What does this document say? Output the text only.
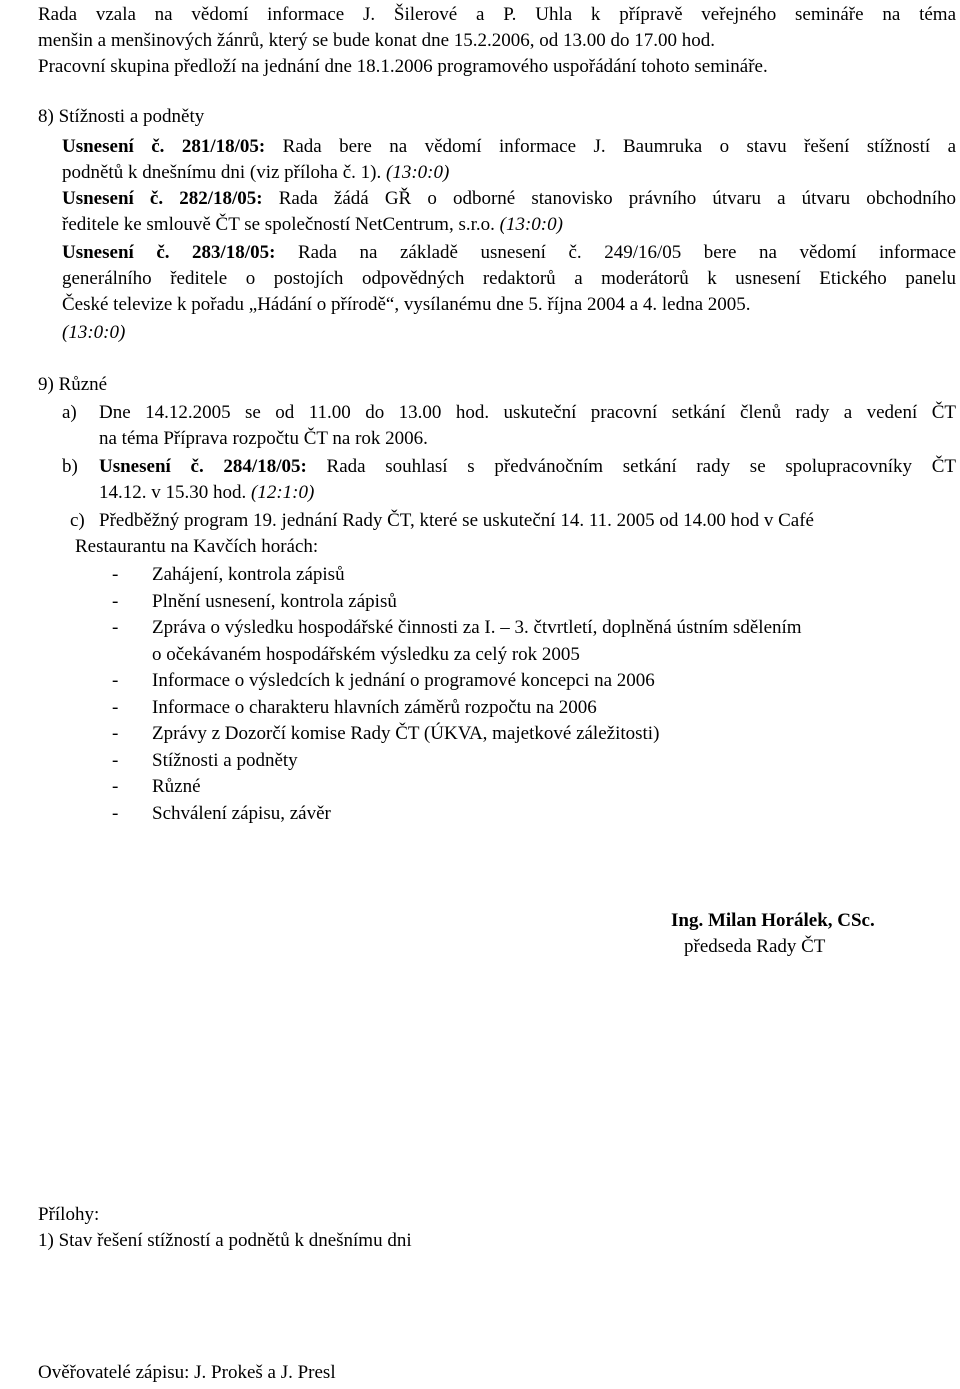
Rada vzala na vědomí informace J. Šilerové a P. Uhla k přípravě veřejného semináře na téma
menšin a menšinových žánrů, který se bude konat dne 15.2.2006, od 13.00 do 17.00 hod.
Pracovní skupina předloží na jednání dne 18.1.2006 programového uspořádání tohoto semináře.
8) Stížnosti a podněty
Usnesení č. 281/18/05: Rada bere na vědomí informace J. Baumruka o stavu řešení stížností a
podnětů k dnešnímu dni (viz příloha č. 1). (13:0:0)
Usnesení č. 282/18/05: Rada žádá GŘ o odborné stanovisko právního útvaru a útvaru obchodního
ředitele ke smlouvě ČT se společností NetCentrum, s.r.o. (13:0:0)
Usnesení č. 283/18/05: Rada na základě usnesení č. 249/16/05 bere na vědomí informace
generálního ředitele o postojích odpovědných redaktorů a moderátorů k usnesení Etického panelu
České televize k pořadu „Hádání o přírodě“, vysílanému dne 5. října 2004 a 4. ledna 2005.
(13:0:0)
9) Různé
a)	Dne 14.12.2005 se od 11.00 do 13.00 hod. uskuteční pracovní setkání členů rady a vedení ČT
na téma Příprava rozpočtu ČT na rok 2006.
b)	Usnesení č. 284/18/05: Rada souhlasí s předvánočním setkání rady se spolupracovníky ČT
14.12. v 15.30 hod. (12:1:0)
c) Předběžný program 19. jednání Rady ČT, které se uskuteční 14. 11. 2005 od 14.00 hod v Café
Restaurantu na Kavčích horách:
- Zahájení, kontrola zápisů
- Plnění usnesení, kontrola zápisů
- Zpráva o výsledku hospodářské činnosti za I. – 3. čtvrtletí, doplněná ústním sdělením
o očekávaném hospodářském výsledku za celý rok 2005
- Informace o výsledcích k jednání o programové koncepci na 2006
- Informace o charakteru hlavních záměrů rozpočtu na 2006
- Zprávy z Dozorčí komise Rady ČT (ÚKVA, majetkové záležitosti)
- Stížnosti a podněty
- Různé
- Schválení zápisu, závěr
Ing. Milan Horálek, CSc.
předseda Rady ČT
Přílohy:
1) Stav řešení stížností a podnětů k dnešnímu dni
Ověřovatelé zápisu: J. Prokeš a J. Presl
